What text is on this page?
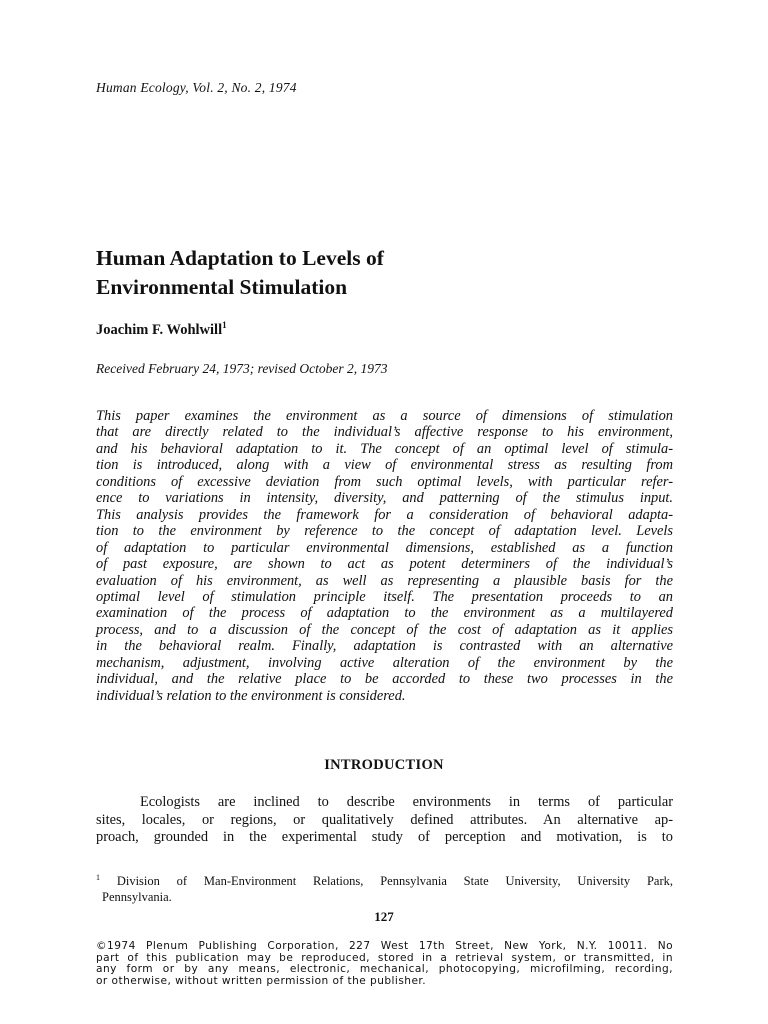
Human Ecology, Vol. 2, No. 2, 1974
Human Adaptation to Levels of
Environmental Stimulation
Joachim F. Wohlwill$^1$
Received February 24, 1973; revised October 2, 1973

This paper examines the environment as a source of dimensions of stimulation
that are directly related to the individual’s affective response to his environment,
and his behavioral adaptation to it. The concept of an optimal level of stimula-
tion is introduced, along with a view of environmental stress as resulting from
conditions of excessive deviation from such optimal levels, with particular refer-
ence to variations in intensity, diversity, and patterning of the stimulus input.
This analysis provides the framework for a consideration of behavioral adapta-
tion to the environment by reference to the concept of adaptation level. Levels
of adaptation to particular environmental dimensions, established as a function
of past exposure, are shown to act as potent determiners of the individual’s
evaluation of his environment, as well as representing a plausible basis for the
optimal level of stimulation principle itself. The presentation proceeds to an
examination of the process of adaptation to the environment as a multilayered
process, and to a discussion of the concept of the cost of adaptation as it applies
in the behavioral realm. Finally, adaptation is contrasted with an alternative
mechanism, adjustment, involving active alteration of the environment by the
individual, and the relative place to be accorded to these two processes in the
individual’s relation to the environment is considered.

INTRODUCTION

Ecologists are inclined to describe environments in terms of particular
sites, locales, or regions, or qualitatively defined attributes. An alternative ap-
proach, grounded in the experimental study of perception and motivation, is to

$^1$ Division of Man-Environment Relations, Pennsylvania State University, University Park,
Pennsylvania.
127
©1974 Plenum Publishing Corporation, 227 West 17th Street, New York, N.Y. 10011. No
part of this publication may be reproduced, stored in a retrieval system, or transmitted, in
any form or by any means, electronic, mechanical, photocopying, microfilming, recording,
or otherwise, without written permission of the publisher.
